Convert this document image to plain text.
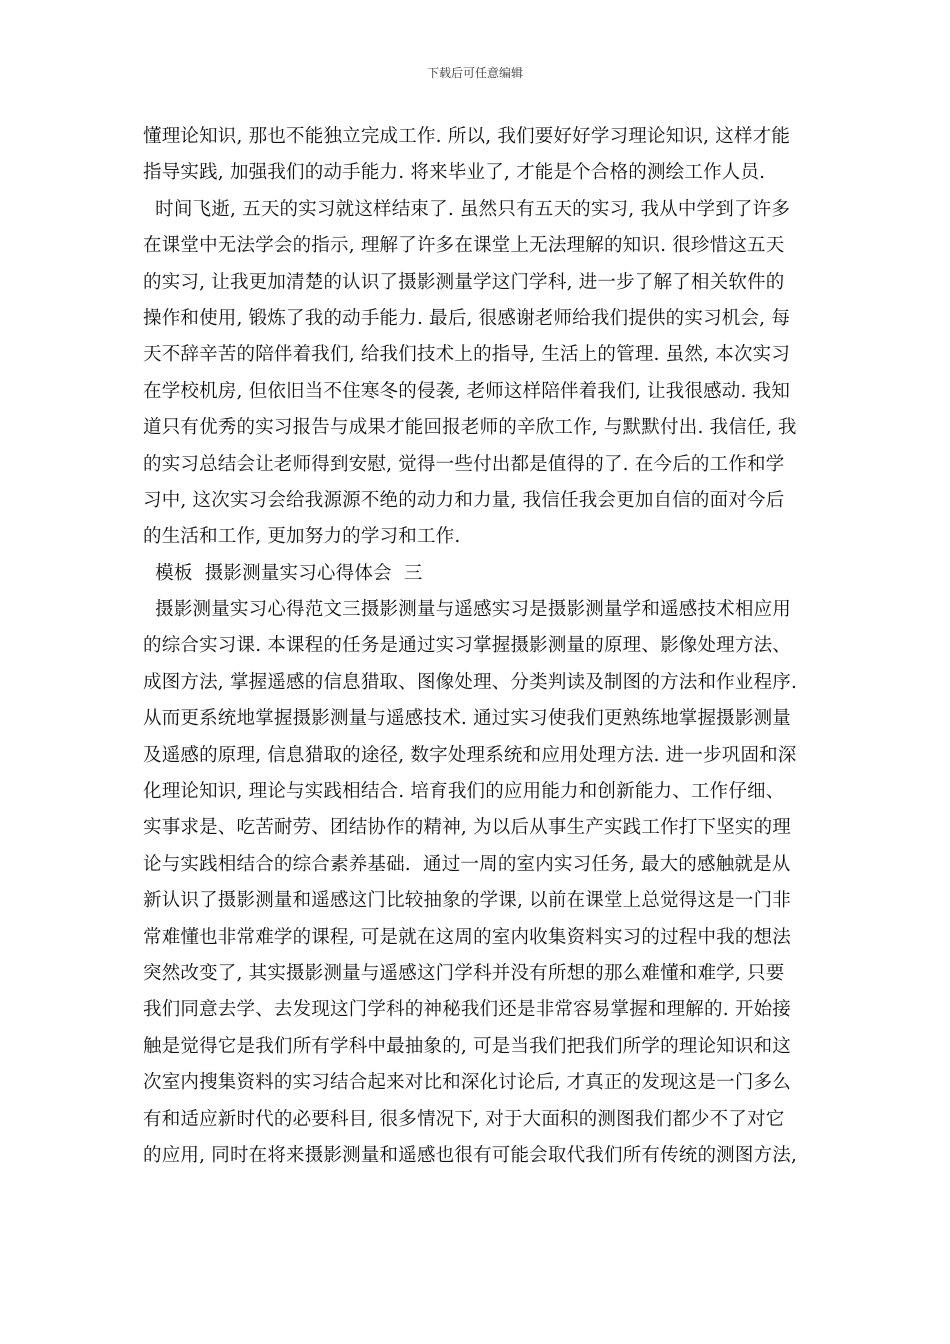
下载后可任意编辑
懂理论知识, 那也不能独立完成工作. 所以, 我们要好好学习理论知识, 这样才能
指导实践, 加强我们的动手能力. 将来毕业了, 才能是个合格的测绘工作人员.
时间飞逝, 五天的实习就这样结束了. 虽然只有五天的实习, 我从中学到了许多
在课堂中无法学会的指示, 理解了许多在课堂上无法理解的知识. 很珍惜这五天
的实习, 让我更加清楚的认识了摄影测量学这门学科, 进一步了解了相关软件的
操作和使用, 锻炼了我的动手能力. 最后, 很感谢老师给我们提供的实习机会, 每
天不辞辛苦的陪伴着我们, 给我们技术上的指导, 生活上的管理. 虽然, 本次实习
在学校机房, 但依旧当不住寒冬的侵袭, 老师这样陪伴着我们, 让我很感动. 我知
道只有优秀的实习报告与成果才能回报老师的辛欣工作, 与默默付出. 我信任, 我
的实习总结会让老师得到安慰, 觉得一些付出都是值得的了. 在今后的工作和学
习中, 这次实习会给我源源不绝的动力和力量, 我信任我会更加自信的面对今后
的生活和工作, 更加努力的学习和工作.
模板  摄影测量实习心得体会  三
摄影测量实习心得范文三摄影测量与遥感实习是摄影测量学和遥感技术相应用
的综合实习课. 本课程的任务是通过实习掌握摄影测量的原理、影像处理方法、
成图方法, 掌握遥感的信息猎取、图像处理、分类判读及制图的方法和作业程序.
从而更系统地掌握摄影测量与遥感技术. 通过实习使我们更熟练地掌握摄影测量
及遥感的原理, 信息猎取的途径, 数字处理系统和应用处理方法. 进一步巩固和深
化理论知识, 理论与实践相结合. 培育我们的应用能力和创新能力、工作仔细、
实事求是、吃苦耐劳、团结协作的精神, 为以后从事生产实践工作打下坚实的理
论与实践相结合的综合素养基础.  通过一周的室内实习任务, 最大的感触就是从
新认识了摄影测量和遥感这门比较抽象的学课, 以前在课堂上总觉得这是一门非
常难懂也非常难学的课程, 可是就在这周的室内收集资料实习的过程中我的想法
突然改变了, 其实摄影测量与遥感这门学科并没有所想的那么难懂和难学, 只要
我们同意去学、去发现这门学科的神秘我们还是非常容易掌握和理解的. 开始接
触是觉得它是我们所有学科中最抽象的, 可是当我们把我们所学的理论知识和这
次室内搜集资料的实习结合起来对比和深化讨论后, 才真正的发现这是一门多么
有和适应新时代的必要科目, 很多情况下, 对于大面积的测图我们都少不了对它
的应用, 同时在将来摄影测量和遥感也很有可能会取代我们所有传统的测图方法,
